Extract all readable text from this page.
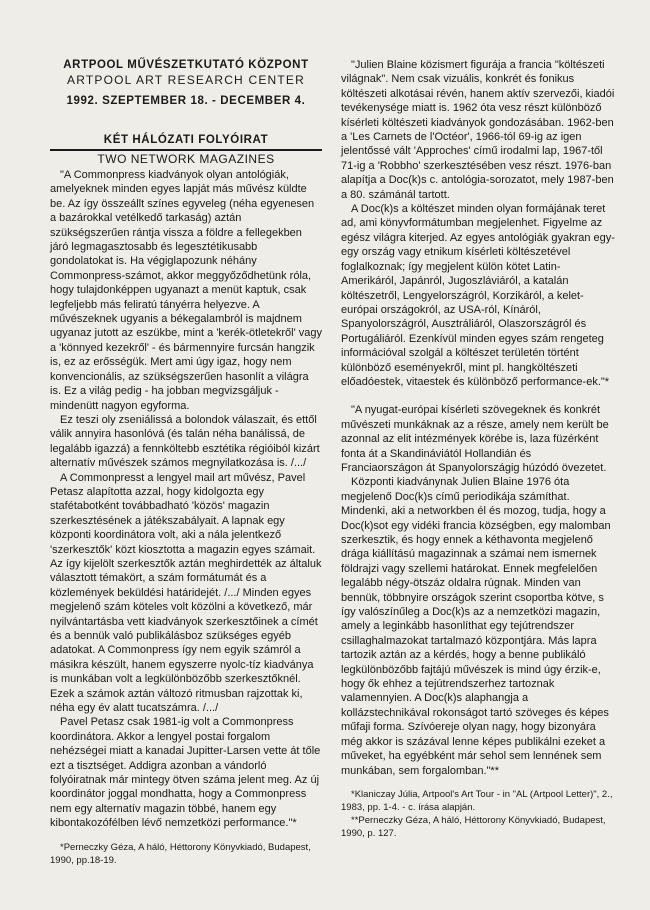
ARTPOOL MŰVÉSZETKUTATÓ KÖZPONT

ARTPOOL ART RESEARCH CENTER

1992. SZEPTEMBER 18. - DECEMBER 4.

KÉT HÁLÓZATI FOLYÓIRAT

TWO NETWORK MAGAZINES

"A Commonpress kiadványok olyan antológiák, amelyeknek minden egyes lapját más művész küldte be. Az így összeállt színes egyveleg (néha egyenesen a bazárokkal vetélkedő tarkaság) aztán szükségszerűen rántja vissza a földre a fellegekben járó legmagasztosabb és legesztétikusabb gondolatokat is. Ha végiglapozunk néhány Commonpress-számot, akkor meggyőződhetünk róla, hogy tulajdonképpen ugyanazt a menüt kaptuk, csak legfeljebb más feliratú tányérra helyezve. A művészeknek ugyanis a békegalambról is majdnem ugyanaz jutott az eszükbe, mint a 'kerék-ötletekről' vagy a 'könnyed kezekről' - és bármennyire furcsán hangzik is, ez az erősségük. Mert ami úgy igaz, hogy nem konvencionális, az szükségszerűen hasonlít a világra is. Ez a világ pedig - ha jobban megvizsgáljuk - mindenütt nagyon egyforma.

Ez teszi oly zseniálissá a bolondok válaszait, és ettől válik annyira hasonlóvá (és talán néha banálissá, de legalább igazzá) a fennköltebb esztétika régióiból kizárt alternatív művészek számos megnyilatkozása is. /.../

A Commonpresst a lengyel mail art művész, Pavel Petasz alapította azzal, hogy kidolgozta egy stafétabotként továbbadható 'közös' magazin szerkesztésének a játékszabályait. A lapnak egy központi koordinátora volt, aki a nála jelentkező 'szerkesztők' közt kiosztotta a magazin egyes számait. Az így kijelölt szerkesztők aztán meghirdették az általuk választott témakört, a szám formátumát és a közlemények beküldési határidejét. /.../ Minden egyes megjelenő szám köteles volt közölni a következő, már nyilvántartásba vett kiadványok szerkesztőinek a címét és a bennük való publikálásboz szükséges egyéb adatokat. A Commonpress így nem egyik számról a másikra készült, hanem egyszerre nyolc-tíz kiadványa is munkában volt a legkülönbözőbb szerkesztőknél. Ezek a számok aztán változó ritmusban rajzottak ki, néha egy év alatt tucatszámra. /.../

Pavel Petasz csak 1981-ig volt a Commonpress koordinátora. Akkor a lengyel postai forgalom nehézségei miatt a kanadai Jupitter-Larsen vette át tőle ezt a tisztséget. Addigra azonban a vándorló folyóiratnak már mintegy ötven száma jelent meg. Az új koordinátor joggal mondhatta, hogy a Commonpress nem egy alternatív magazin többé, hanem egy kibontakozófélben lévő nemzetközi performance."*

*Perneczky Géza, A háló, Héttorony Könyvkiadó, Budapest, 1990, pp.18-19.

"Julien Blaine közismert figurája a francia "költészeti világnak". Nem csak vizuális, konkrét és fonikus költészeti alkotásai révén, hanem aktív szervezői, kiadói tevékenysége miatt is. 1962 óta vesz részt különböző kísérleti költészeti kiadványok gondozásában. 1962-ben a 'Les Carnets de l'Octéor', 1966-tól 69-ig az igen jelentőssé vált 'Approches' című irodalmi lap, 1967-től 71-ig a 'Robbho' szerkesztésében vesz részt. 1976-ban alapítja a Doc(k)s c. antológia-sorozatot, mely 1987-ben a 80. számánál tartott.

A Doc(k)s a költészet minden olyan formájának teret ad, ami könyvformátumban megjelenhet. Figyelme az egész világra kiterjed. Az egyes antológiák gyakran egy-egy ország vagy etnikum kísérleti költészetével foglalkoznak; így megjelent külön kötet Latin-Amerikáról, Japánról, Jugoszláviáról, a katalán költészetről, Lengyelországról, Korzikáról, a kelet-európai országokról, az USA-ról, Kínáról, Spanyolországról, Ausztráliáról, Olaszországról és Portugáliáról. Ezenkívül minden egyes szám rengeteg információval szolgál a költészet területén történt különböző eseményekről, mint pl. hangköltészeti előadóestek, vitaestek és különböző performance-ek."*

"A nyugat-európai kísérleti szövegeknek és konkrét művészeti munkáknak az a része, amely nem került be azonnal az elit intézmények körébe is, laza füzérként fonta át a Skandináviától Hollandián és Franciaországon át Spanyolországig húzódó övezetet.

Központi kiadványnak Julien Blaine 1976 óta megjelenő Doc(k)s című periodikája számíthat. Mindenki, aki a networkben él és mozog, tudja, hogy a Doc(k)sot egy vidéki francia községben, egy malomban szerkesztik, és hogy ennek a kéthavonta megjelenő drága kiállítású magazinnak a számai nem ismernek földrajzi vagy szellemi határokat. Ennek megfelelően legalább négy-ötszáz oldalra rúgnak. Minden van bennük, többnyire országok szerint csoportba kötve, s így valószínűleg a Doc(k)s az a nemzetközi magazin, amely a leginkább hasonlíthat egy tejútrendszer csillaghalmazokat tartalmazó központjára. Más lapra tartozik aztán az a kérdés, hogy a benne publikáló legkülönbözőbb fajtájú művészek is mind úgy érzik-e, hogy ők ehhez a tejútrendszerhez tartoznak valamennyien. A Doc(k)s alaphangja a kollázstechnikával rokonságot tartó szöveges és képes műfaji forma. Szívóereje olyan nagy, hogy bizonyára még akkor is százával lenne képes publikálni ezeket a műveket, ha egyébként már sehol sem lennének sem munkában, sem forgalomban."**

*Klaniczay Júlia, Artpool's Art Tour - in "AL (Artpool Letter)", 2., 1983, pp. 1-4. - c. írása alapján.

**Perneczky Géza, A háló, Héttorony Könyvkiadó, Budapest, 1990, p. 127.
